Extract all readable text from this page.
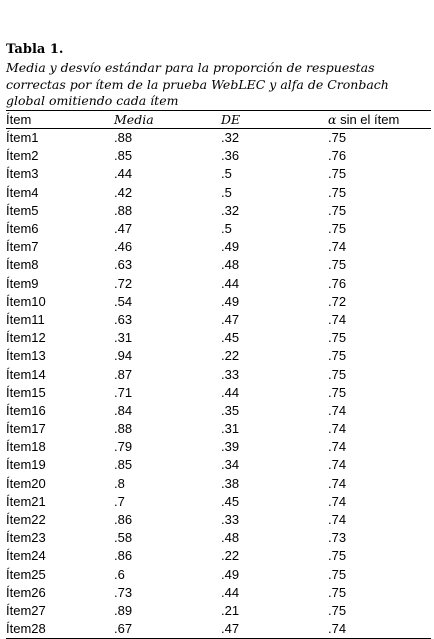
Tabla 1.

Media y desvío estándar para la proporción de respuestas
correctas por ítem de la prueba WebLEC y alfa de Cronbach
global omitiendo cada ítem

Ítem	Media	DE	α sin el ítem
Ítem1	.88	.32	.75
Ítem2	.85	.36	.76
Ítem3	.44	.5	.75
Ítem4	.42	.5	.75
Ítem5	.88	.32	.75
Ítem6	.47	.5	.75
Ítem7	.46	.49	.74
Ítem8	.63	.48	.75
Ítem9	.72	.44	.76
Ítem10	.54	.49	.72
Ítem11	.63	.47	.74
Ítem12	.31	.45	.75
Ítem13	.94	.22	.75
Ítem14	.87	.33	.75
Ítem15	.71	.44	.75
Ítem16	.84	.35	.74
Ítem17	.88	.31	.74
Ítem18	.79	.39	.74
Ítem19	.85	.34	.74
Ítem20	.8	.38	.74
Ítem21	.7	.45	.74
Ítem22	.86	.33	.74
Ítem23	.58	.48	.73
Ítem24	.86	.22	.75
Ítem25	.6	.49	.75
Ítem26	.73	.44	.75
Ítem27	.89	.21	.75
Ítem28	.67	.47	.74
